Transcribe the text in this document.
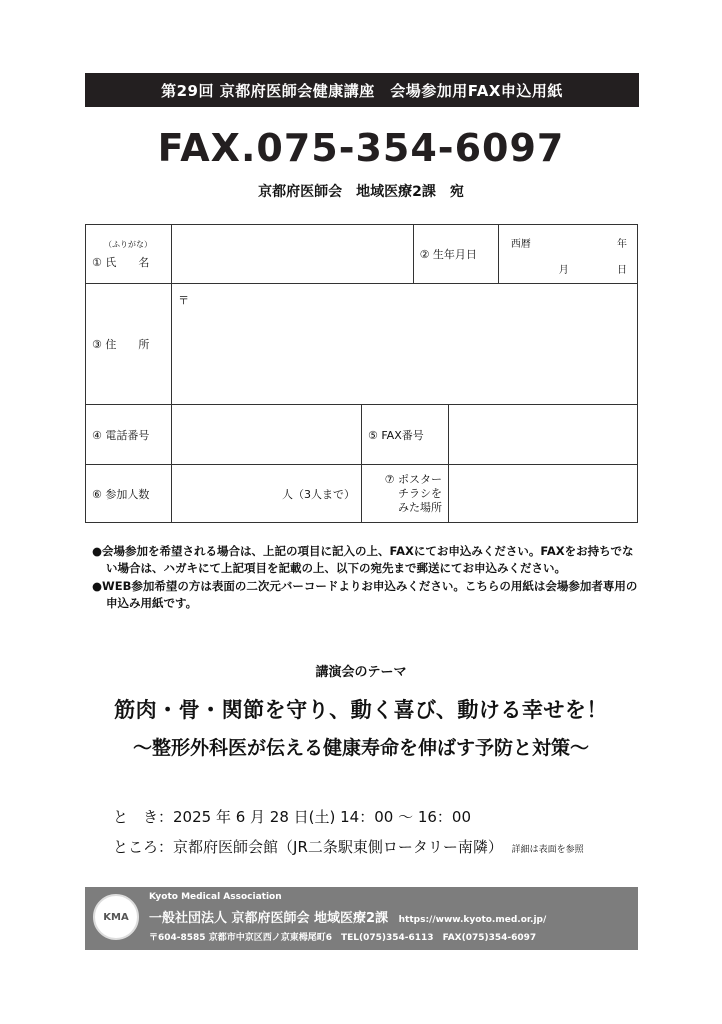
第29回 京都府医師会健康講座　会場参加用FAX申込用紙
FAX.075-354-6097
京都府医師会　地域医療2課　宛
（ふりがな）
① 氏　　名		② 生年月日	西暦 年
月 日

③ 住　　所	〒		
④ 電話番号		⑤ FAX番号	
⑥ 参加人数	人（3人まで）	⑦ ポスター
チラシを
みた場所	

●会場参加を希望される場合は、上記の項目に記入の上、FAXにてお申込みください。FAXをお持ちでない場合は、ハガキにて上記項目を記載の上、以下の宛先まで郵送にてお申込みください。

●WEB参加希望の方は表面の二次元バーコードよりお申込みください。こちらの用紙は会場参加者専用の申込み用紙です。

講演会のテーマ
筋肉・骨・関節を守り、動く喜び、動ける幸せを！
～整形外科医が伝える健康寿命を伸ばす予防と対策～
と　き：2025 年 6 月 28 日(土) 14：00 ～ 16：00
ところ：京都府医師会館（JR二条駅東側ロータリー南隣） 詳細は表面を参照
KMA
Kyoto Medical Association
一般社団法人 京都府医師会 地域医療2課 https://www.kyoto.med.or.jp/
〒604-8585 京都市中京区西ノ京東栂尾町6　TEL(075)354-6113　FAX(075)354-6097
